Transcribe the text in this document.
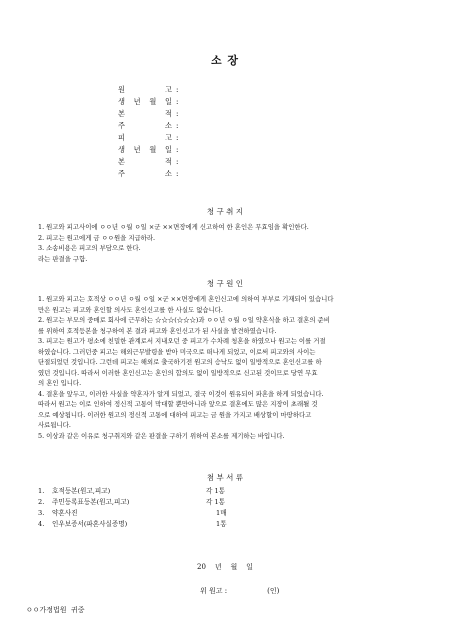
소 장
원 고 :
생 년 월 일 :
본 적 :
주 소 :
피 고 :
생 년 월 일 :
본 적 :
주 소 :
청 구 취 지
1. 원고와 피고사이에 ㅇㅇ년 ㅇ월 ㅇ일 ×군 ××면장에게 신고하여 한 혼인은 무효임을 확인한다.
2. 피고는 원고에게 금 ㅇㅇ원을 지급하라.
3. 소송비용은 피고의 부담으로 한다.
라는 판결을 구함.
청 구 원 인
1. 원고와 피고는 호적상 ㅇㅇ년 ㅇ월 ㅇ일 ×군 ××면장에게 혼인신고에 의하여 부부로 기재되어 있습니다
만은 원고는 피고와 혼인할 의사도 혼인신고를 한 사실도 없습니다.
2. 원고는 부모의 중매로 회사에 근무하는 ☆☆☆(☆☆☆)과 ㅇㅇ년 ㅇ월 ㅇ일 약혼식을 하고 결혼의 준비
를 위하여 호적등본을 청구하여 본 결과 피고와 혼인신고가 된 사실을 발견하였습니다.
3. 피고는 원고가 평소에 친밀한 관계로서 지내오던 중 피고가 수차례 청혼을 하였으나 원고는 이를 거절
하였습니다. 그러던중 피고는 해외근무발령을 받아 미국으로 떠나게 되었고, 이로써 피고와의 사이는
단절되었던 것입니다. 그런데 피고는 해외로 출국하기전 원고의 승낙도 없이 일방적으로 혼인신고를 하
였던 것입니다. 따라서 이러한 혼인신고는 혼인의 합의도 없이 일방적으로 신고된 것이므로 당연 무효
의 혼인 입니다.
4. 결혼을 앞두고, 이러한 사실을 약혼자가 알게 되었고, 결국 이것이 원유되어 파혼을 하게 되었습니다.
따라서 원고는 이로 인하여 정신적 고통이 막대할 뿐만아니라 앞으로 결혼에도 많은 지장이 초래될 것
으로 예상됩니다. 이러한 원고의 정신적 고통에 대하여 피고는 금 원을 가지고 배상할이 마땅하다고
사료됩니다.
5. 이상과 같은 이유로 청구취지와 같은 판결을 구하기 위하여 본소를 제기하는 바입니다.
첨 부 서 류
1. 호적등본(원고,피고)	각 1통
2. 주민등록표등본(원고,피고)	각 1통
3. 약혼사진	1매
4. 인우보증서(파혼사실증명)	1통
20    년    월    일
위 원고 :                  (인)
ㅇㅇ가정법원  귀중
